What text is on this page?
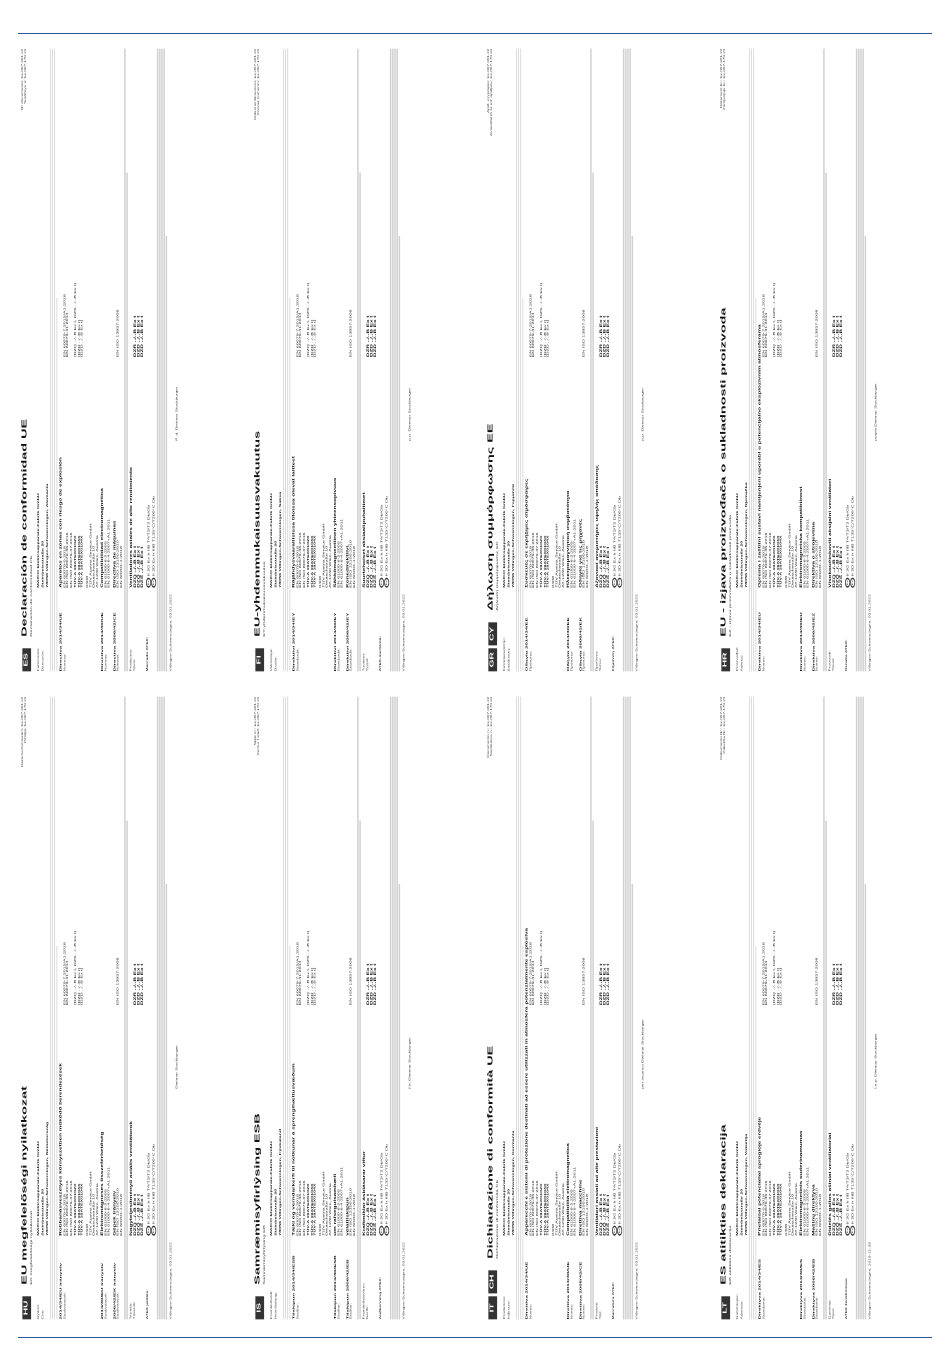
ES
Nº documento: Ex-007.301.22 Sustituye a: Ex-007.170.21
Declaración de conformidad UE Declaración de conformidad CE
Fabricante:
MAICO Elektroapparate-Fabrik GmbH
Dirección:
Steinbeisstraße 20 78056 Villingen-Schwenningen, Alemania
Directiva 2014/34/UE
Aparatos en zonas con riesgo de explosión
Normas:
EN 60079-0:2018 EN ISO 80079-36:2016 EN ISO 80079-37:2016
EN 60079-7:2015/A1:2018 EN 60079-31:2014
TÜV-A 19ATEX0102X TÜV-A 19ATEX0103X TÜV-A 19ATEX0104X
(DZQ ../..B Ex t, DZS ../..B Ex t) (DZR ../..B Ex t) (DZD ../..B Ex t)
0408 TÜV Austria Service GmbH Deutschstraße 10 AT-1230 Wien, Austria
Directiva 2014/30/UE
Compatibilidad electromagnética
Normas:
EN 61000-6-2:2005 EN 61000-6-4:2007+A1:2011
Directiva 2006/42/CE
Directiva de máquinas
Normas:
EN ISO 12100:2010 EN 60204-1:2018
EN ISO 13857:2008
Productos:
Ventiladores axiales de alto rendimiento
Tipos:
DZQ ../..B Ex t DZQ ../..B Ex t DZS ../..B Ex t
DZR ../..B Ex t DZD ../..B Ex t DZD ../..B Ex t
Marcado ATEX:
ExII 2G Ex h IIB T4/T3/T2 Db/Gb
ExII 2D Ex h IIIB T135°C/T200°C Db
Villingen-Schwenningen, 03.01.2022
P. d. Dietmar Stockburger
FI
Dokumenttinumero: Ex-007.301.22 Korvaa numeron: Ex-007.170.21
EU-yhdenmukaisuusvakuutus EY-yhdenmukaisuusvakuutus
Valmistaja:
MAICO Elektroapparate-Fabrik GmbH
Osoite:
Steinbeisstraße 20 78056 Villingen-Schwenningen, Saksa
Direktiivi 2014/34/EY
Räjähdysvaarallisissa tiloissa olevat laitteet
Standardit:
EN 60079-0:2018 EN ISO 80079-36:2016 EN ISO 80079-37:2016
EN 60079-7:2015/A1:2018 EN 60079-31:2014
TÜV-A 19ATEX0102X TÜV-A 19ATEX0103X TÜV-A 19ATEX0104X
(DZQ ../..B Ex t, DZS ../..B Ex t) (DZR ../..B Ex t) (DZD ../..B Ex t)
0408 TÜV Austria Service GmbH Deutschstraße 10 AT-1230 Wien, Austria
Direktiivi 2014/30/EY
Sähkömagneettinen yhteensopivuus
Standardit:
EN 61000-6-2:2005 EN 61000-6-4:2007+A1:2011
Direktiivi 2006/42/EY
Konedirektiivi.
Standardit:
EN ISO 12100:2010 EN 60204-1:2018
EN ISO 13857:2008
Tuotteet:
Suurtehoiset aksiaalipuhaltimet
Tyypit:
DZQ ../..B Ex t DZQ ../..B Ex t DZS ../..B Ex t
DZR ../..B Ex t DZD ../..B Ex t DZD ../..B Ex t
ATEX-merkintä:
ExII 2G Ex h IIB T4/T3/T2 Db/Gb
ExII 2D Ex h IIIB T135°C/T200°C Db
Villingen-Schwenningen, 03.01.2022
p.p. Dietmar Stockburger
GR
CY
Αριθ. εγγράφου: Ex-007.301.22 Αντικαθιστά το υπ' αριθμόν: Ex-007.170.21
Δήλωση συμμόρφωσης ΕΕ Δήλωση συμμόρφωσης ΕΚ
Κατασκευαστής:
MAICO Elektroapparate-Fabrik GmbH
Διεύθυνση:
Steinbeisstraße 20 78056 Villingen-Schwenningen, Γερμανία
Οδηγία 2014/34/ΕΕ
Συσκευές σε εκρήξιμες ατμόσφαιρες
Πρότυπα:
EN 60079-0:2018 EN ISO 80079-36:2016 EN ISO 80079-37:2016
EN 60079-7:2015/A1:2018 EN 60079-31:2014
TÜV-A 19ATEX0102X TÜV-A 19ATEX0103X TÜV-A 19ATEX0104X
(DZQ ../..B Ex t, DZS ../..B Ex t) (DZR ../..B Ex t) (DZD ../..B Ex t)
0408 TÜV Austria Service GmbH Deutschstraße 10 AT-1230 Wien, Austria
Οδηγία 2014/30/ΕΕ
Ηλεκτρομαγνητική συμβατότητα
Πρότυπα:
EN 61000-6-2:2005 EN 61000-6-4:2007+A1:2011
Οδηγία 2006/42/ΕΚ
Οδηγία για τις μηχανές
Πρότυπα:
EN ISO 12100:2010 EN 60204-1:2018
EN ISO 13857:2008
Προϊόντα:
Αξονικοί ανεμιστήρες υψηλής απόδοσης
Τύποι:
DZQ ../..B Ex t DZQ ../..B Ex t DZS ../..B Ex t
DZR ../..B Ex t DZD ../..B Ex t DZD ../..B Ex t
Σήμανση ATEX:
ExII 2G Ex h IIB T4/T3/T2 Db/Gb
ExII 2D Ex h IIIB T135°C/T200°C Db
Villingen-Schwenningen, 03.01.2022
p.p. Dietmar Stockburger
HR
Dokument br.: Ex-007.301.22 Zamjenjuje br.: Ex-007.170.21
EU - izjava proizvođača o sukladnosti proizvoda EZ - izjava proizvođača o sukladnosti proizvoda
Proizvođač:
MAICO Elektroapparate-Fabrik GmbH
Adresa:
Steinbeisstraße 20 78056 Villingen-Schwenningen, Njemačka
Direktiva 2014/34/EU
Oprema i zaštitni sustavi namijenjeni uporabi u potencijalno eksplozivnim atmosferama
Norme:
EN 60079-0:2018 EN ISO 80079-36:2016 EN ISO 80079-37:2016
EN 60079-7:2015/A1:2018 EN 60079-31:2014
TÜV-A 19ATEX0102X TÜV-A 19ATEX0103X TÜV-A 19ATEX0104X
(DZQ ../..B Ex t, DZS ../..B Ex t) (DZR ../..B Ex t) (DZD ../..B Ex t)
0408 TÜV Austria Service GmbH Deutschstraße 10 AT-1230 Wien, Austria
Direktiva 2014/30/EU
Elektromagnetska kompatibilnost
Norme:
EN 61000-6-2:2005 EN 61000-6-4:2007+A1:2011
Direktiva 2006/42/EZ
Direktiva o strojevima
Norme:
EN ISO 12100:2010 EN 60204-1:2018
EN ISO 13857:2008
Proizvodi:
Visokoučinkoviti aksijalni ventilatori
Tipovi:
DZQ ../..B Ex t DZQ ../..B Ex t DZS ../..B Ex t
DZR ../..B Ex t DZD ../..B Ex t DZD ../..B Ex t
Oznaka ATEX:
ExII 2G Ex h IIB T4/T3/T2 Db/Gb
ExII 2D Ex h IIIB T135°C/T200°C Db
Villingen-Schwenningen, 03.01.2022
potpis Dietmar Stockburger
HU
Dokumentumszám: Ex-007.301.22 Pótolja: Ex-007.170.21
EU megfelelőségi nyilatkozat EK megfelelőségi nyilatkozat
Gyártó:
MAICO Elektroapparate-Fabrik GmbH
Cím:
Steinbeisstraße 20 78056 Villingen-Schwenningen, Németország
2014/34/EU irányelv
Robbanásveszélyes környezetben működő berendezések
Szabványok:
EN 60079-0:2018 EN ISO 80079-36:2016 EN ISO 80079-37:2016
EN 60079-7:2015/A1:2018 EN 60079-31:2014
TÜV-A 19ATEX0102X TÜV-A 19ATEX0103X TÜV-A 19ATEX0104X
(DZQ ../..B Ex t, DZS ../..B Ex t) (DZR ../..B Ex t) (DZD ../..B Ex t)
0408 TÜV Austria Service GmbH Deutschstraße 10 AT-1230 Wien, Austria
2014/30/EU irányelv
Elektromágneses összeférhetőség
Szabványok:
EN 61000-6-2:2005 EN 61000-6-4:2007+A1:2011
2006/42/EK irányelv
Gépek irányelv
Szabványok:
EN ISO 12100:2010 EN 60204-1:2018
EN ISO 13857:2008
Termék:
Nagyteljesítményű axiális ventilátorok
Típusok:
DZQ ../..B Ex t DZQ ../..B Ex t DZS ../..B Ex t
DZR ../..B Ex t DZD ../..B Ex t DZD ../..B Ex t
ATEX jelölés:
ExII 2G Ex h IIB T4/T3/T2 Db/Gb
ExII 2D Ex h IIIB T135°C/T200°C Db
Villingen-Schwenningen, 03.01.2022
Dietmar Stockburger
IS
Skjal nr.: Ex-007.301.22 Kemur í stað: Ex-007.170.21
Samræmisyfirlýsing ESB Samræmisyfirlýsing EB
Framleiðandi:
MAICO Elektroapparate-Fabrik GmbH
Heimilisfang:
Steinbeisstraße 20 78056 Villingen-Schwenningen, Þýskaland
Tilskipun 2014/34/ESB
Tæki og verndarkerfi til notkunar á sprengihættusvæðum
Staðlar:
EN 60079-0:2018 EN ISO 80079-36:2016 EN ISO 80079-37:2016
EN 60079-7:2015/A1:2018 EN 60079-31:2014
TÜV-A 19ATEX0102X TÜV-A 19ATEX0103X TÜV-A 19ATEX0104X
(DZQ ../..B Ex t, DZS ../..B Ex t) (DZR ../..B Ex t) (DZD ../..B Ex t)
0408 TÜV Austria Service GmbH Deutschstraße 10 AT-1230 Wien, Austria
Tilskipun 2014/30/ESB
um rafsegulsamhæfi
Staðlar:
EN 61000-6-2:2005 EN 61000-6-4:2007+A1:2011
Tilskipun 2006/42/EB
vélatilskipun
Staðlar:
EN ISO 12100:2010 EN 60204-1:2018
EN ISO 13857:2008
Framleiðsluvörur:
Kraftmiklar ásblásarar viftur
Gerðir:
DZQ ../..B Ex t DZQ ../..B Ex t DZS ../..B Ex t
DZR ../..B Ex t DZD ../..B Ex t DZD ../..B Ex t
Auðkenning ATEX:
ExII 2G Ex h IIB T4/T3/T2 Db/Gb
ExII 2D Ex h IIIB T135°C/T200°C Db
Villingen-Schwenningen, 03.01.2022
f.h. Dietmar Stockburger
IT
CH
Documento n.: Ex-007.301.22 Sostituisce n.: Ex-007.170.21
Dichiarazione di conformità UE Dichiarazione di conformità CE
Produttore:
MAICO Elektroapparate-Fabrik GmbH
Indirizzo:
Steinbeisstraße 20 78056 Villingen-Schwenningen, Germania
Direttiva 2014/34/UE
Apparecchi e sistemi di protezione destinati ad essere utilizzati in atmosfera potenzialmente esplosiva
Norme:
EN 60079-0:2018 EN ISO 80079-36:2016 EN ISO 80079-37:2016
EN 60079-7:2015/A1:2018 EN 60079-31:2014
TÜV-A 19ATEX0102X TÜV-A 19ATEX0103X TÜV-A 19ATEX0104X
(DZQ ../..B Ex t, DZS ../..B Ex t) (DZR ../..B Ex t) (DZD ../..B Ex t)
0408 TÜV Austria Service GmbH Deutschstraße 10 AT-1230 Wien, Austria
Direttiva 2014/30/UE
Compatibilità elettromagnetica
Norme:
EN 61000-6-2:2005 EN 61000-6-4:2007+A1:2011
Direttiva 2006/42/CE
Direttiva macchine
Norme:
EN ISO 12100:2010 EN 60204-1:2018
EN ISO 13857:2008
Prodotti:
Ventilatori assiali ad alte prestazioni
Tipi:
DZQ ../..B Ex t DZQ ../..B Ex t DZS ../..B Ex t
DZR ../..B Ex t DZD ../..B Ex t DZD ../..B Ex t
Marcatura ATEX:
ExII 2G Ex h IIB T4/T3/T2 Db/Gb
ExII 2D Ex h IIIB T135°C/T200°C Db
Villingen-Schwenningen, 03.01.2022
per incarico Dietmar Stockburger
LT
Dokumento Nr.: Ex-007.301.22 Pakeičia Nr.: Ex-007.170.21
ES atitikties deklaracija EB atitikties deklaracija
Gamintojas:
MAICO Elektroapparate-Fabrik GmbH
Adresas:
Steinbeisstraße 20 78056 Villingen-Schwenningen, Vokietija
Direktyva 2014/34/ES
Prietaisai potencialiai sprogioje erdvėje
Standartai:
EN 60079-0:2018 EN ISO 80079-36:2016 EN ISO 80079-37:2016
EN 60079-7:2015/A1:2018 EN 60079-31:2014
TÜV-A 19ATEX0102X TÜV-A 19ATEX0103X TÜV-A 19ATEX0104X
(DZQ ../..B Ex t, DZS ../..B Ex t) (DZR ../..B Ex t) (DZD ../..B Ex t)
0408 TÜV Austria Service GmbH Deutschstraße 10 AT-1230 Wien, Austria
Direktyva 2014/30/ES
Elektromagnetinis suderinamumas
Standartai:
EN 61000-6-2:2005 EN 61000-6-4:2007+A1:2011
Direktyva 2006/42/EB
Mašinų direktyva
Standartai:
EN ISO 12100:2010 EN 60204-1:2018
EN ISO 13857:2008
Gaminiai:
Didelės galios ašiniai ventiliatoriai
Tipai:
DZQ ../..B Ex t DZQ ../..B Ex t DZS ../..B Ex t
DZR ../..B Ex t DZD ../..B Ex t DZD ../..B Ex t
ATEX ženklinimas:
ExII 2G Ex h IIB T4/T3/T2 Db/Gb
ExII 2D Ex h IIIB T135°C/T200°C Db
Villingen-Schwenningen, 2019-11-28
I.e.p. Dietmar Stockburger
